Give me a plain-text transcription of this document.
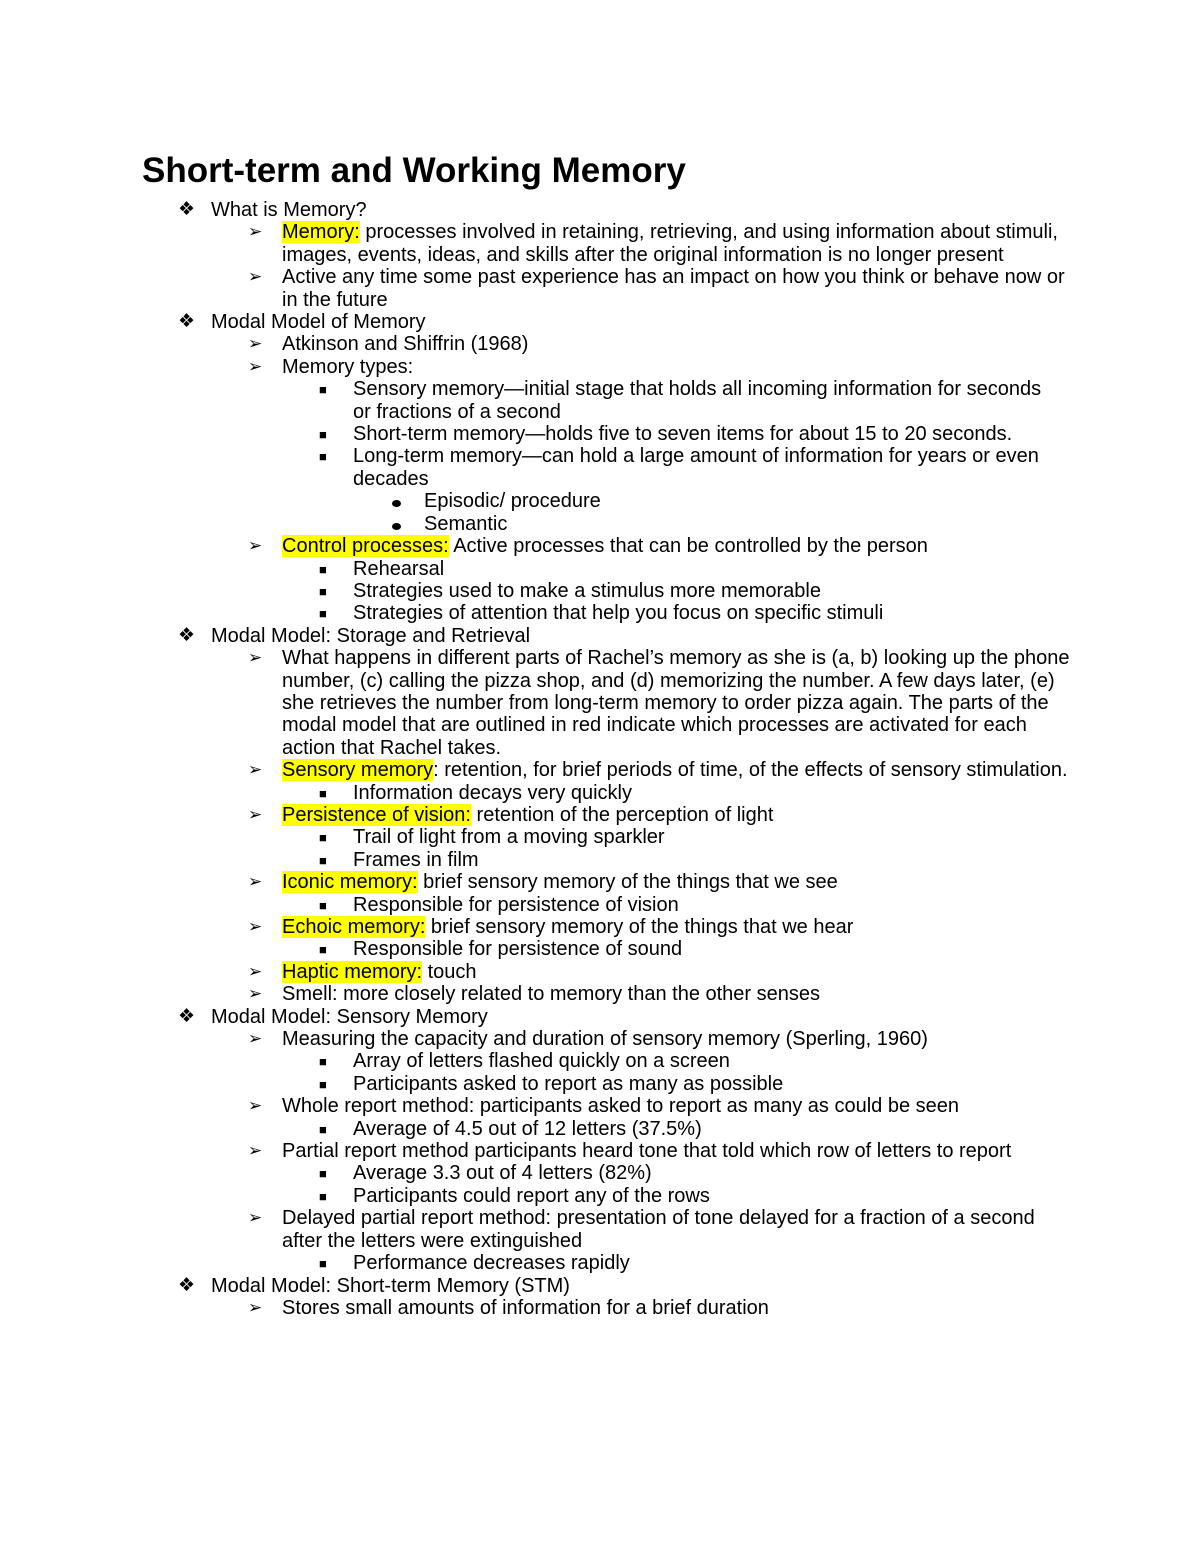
Short-term and Working Memory
❖ What is Memory?
➢ Memory: processes involved in retaining, retrieving, and using information about stimuli, images, events, ideas, and skills after the original information is no longer present
➢ Active any time some past experience has an impact on how you think or behave now or in the future
❖ Modal Model of Memory
➢ Atkinson and Shiffrin (1968)
➢ Memory types:
■ Sensory memory—initial stage that holds all incoming information for seconds or fractions of a second
■ Short-term memory—holds five to seven items for about 15 to 20 seconds.
■ Long-term memory—can hold a large amount of information for years or even decades
Episodic/ procedure
Semantic
➢ Control processes: Active processes that can be controlled by the person
■ Rehearsal
■ Strategies used to make a stimulus more memorable
■ Strategies of attention that help you focus on specific stimuli
❖ Modal Model: Storage and Retrieval
➢ What happens in different parts of Rachel’s memory as she is (a, b) looking up the phone number, (c) calling the pizza shop, and (d) memorizing the number. A few days later, (e) she retrieves the number from long-term memory to order pizza again. The parts of the modal model that are outlined in red indicate which processes are activated for each action that Rachel takes.
➢ Sensory memory: retention, for brief periods of time, of the effects of sensory stimulation.
■ Information decays very quickly
➢ Persistence of vision: retention of the perception of light
■ Trail of light from a moving sparkler
■ Frames in film
➢ Iconic memory: brief sensory memory of the things that we see
■ Responsible for persistence of vision
➢ Echoic memory: brief sensory memory of the things that we hear
■ Responsible for persistence of sound
➢ Haptic memory: touch
➢ Smell: more closely related to memory than the other senses
❖ Modal Model: Sensory Memory
➢ Measuring the capacity and duration of sensory memory (Sperling, 1960)
■ Array of letters flashed quickly on a screen
■ Participants asked to report as many as possible
➢ Whole report method: participants asked to report as many as could be seen
■ Average of 4.5 out of 12 letters (37.5%)
➢ Partial report method participants heard tone that told which row of letters to report
■ Average 3.3 out of 4 letters (82%)
■ Participants could report any of the rows
➢ Delayed partial report method: presentation of tone delayed for a fraction of a second after the letters were extinguished
■ Performance decreases rapidly
❖ Modal Model: Short-term Memory (STM)
➢ Stores small amounts of information for a brief duration
